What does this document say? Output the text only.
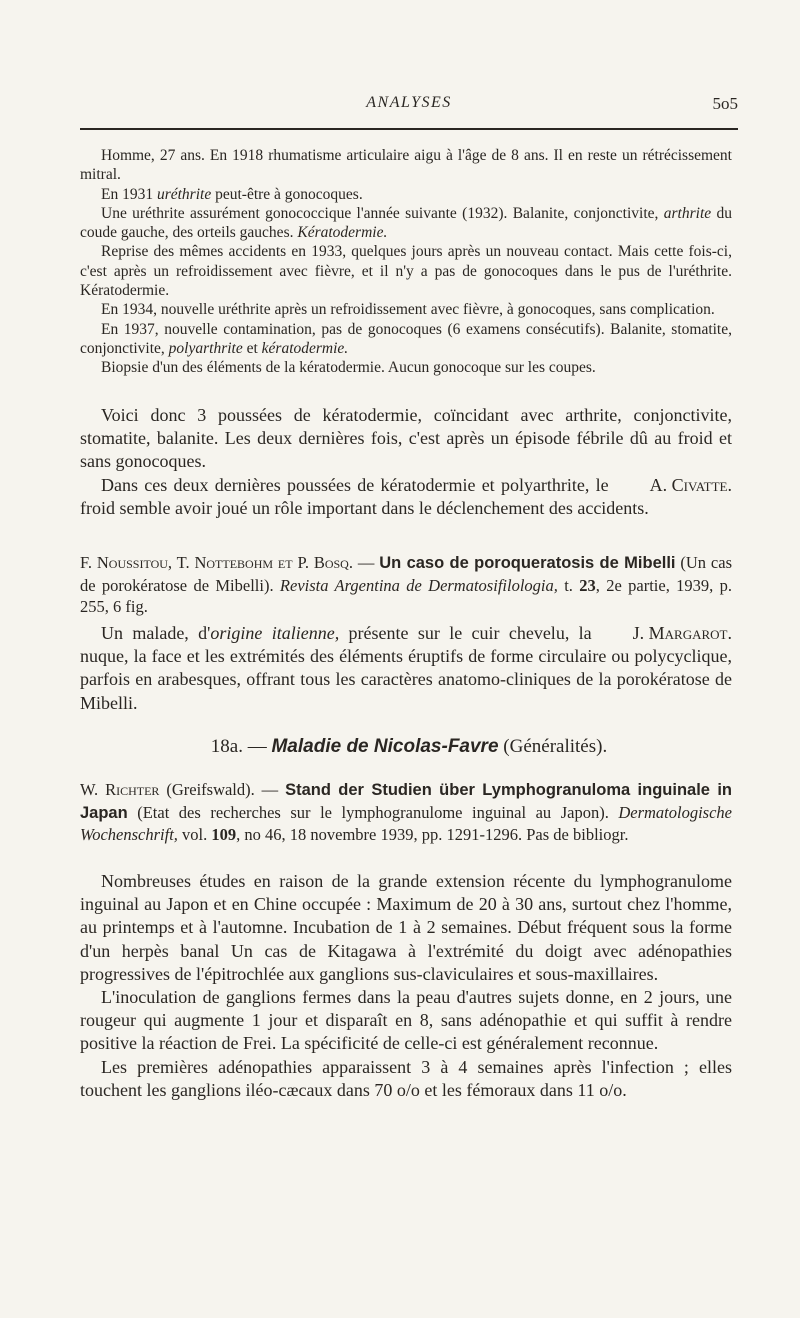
ANALYSES	5o5

Homme, 27 ans. En 1918 rhumatisme articulaire aigu à l'âge de 8 ans. Il en reste un rétrécissement mitral.

En 1931 uréthrite peut-être à gonocoques.

Une uréthrite assurément gonococcique l'année suivante (1932). Balanite, conjonctivite, arthrite du coude gauche, des orteils gauches. Kératodermie.

Reprise des mêmes accidents en 1933, quelques jours après un nouveau contact. Mais cette fois-ci, c'est après un refroidissement avec fièvre, et il n'y a pas de gonocoques dans le pus de l'uréthrite. Kératodermie.

En 1934, nouvelle uréthrite après un refroidissement avec fièvre, à gonocoques, sans complication.

En 1937, nouvelle contamination, pas de gonocoques (6 examens consécutifs). Balanite, stomatite, conjonctivite, polyarthrite et kératodermie.

Biopsie d'un des éléments de la kératodermie. Aucun gonocoque sur les coupes.

Voici donc 3 poussées de kératodermie, coïncidant avec arthrite, conjonctivite, stomatite, balanite. Les deux dernières fois, c'est après un épisode fébrile dû au froid et sans gonocoques.

A. Civatte.
Dans ces deux dernières poussées de kératodermie et polyarthrite, le froid semble avoir joué un rôle important dans le déclenchement des accidents.

F. Noussitou, T. Nottebohm et P. Bosq. — Un caso de poroqueratosis de Mibelli (Un cas de porokératose de Mibelli). Revista Argentina de Dermatosifilologia, t. 23, 2e partie, 1939, p. 255, 6 fig.

J. Margarot.
Un malade, d'origine italienne, présente sur le cuir chevelu, la nuque, la face et les extrémités des éléments éruptifs de forme circulaire ou polycyclique, parfois en arabesques, offrant tous les caractères anatomo-cliniques de la porokératose de Mibelli.

18a. — Maladie de Nicolas-Favre (Généralités).

W. Richter (Greifswald). — Stand der Studien über Lymphogranuloma inguinale in Japan (Etat des recherches sur le lymphogranulome inguinal au Japon). Dermatologische Wochenschrift, vol. 109, no 46, 18 novembre 1939, pp. 1291-1296. Pas de bibliogr.

Nombreuses études en raison de la grande extension récente du lymphogranulome inguinal au Japon et en Chine occupée : Maximum de 20 à 30 ans, surtout chez l'homme, au printemps et à l'automne. Incubation de 1 à 2 semaines. Début fréquent sous la forme d'un herpès banal Un cas de Kitagawa à l'extrémité du doigt avec adénopathies progressives de l'épitrochlée aux ganglions sus-claviculaires et sous-maxillaires.

L'inoculation de ganglions fermes dans la peau d'autres sujets donne, en 2 jours, une rougeur qui augmente 1 jour et disparaît en 8, sans adénopathie et qui suffit à rendre positive la réaction de Frei. La spécificité de celle-ci est généralement reconnue.

Les premières adénopathies apparaissent 3 à 4 semaines après l'infection ; elles touchent les ganglions iléo-cæcaux dans 70 o/o et les fémoraux dans 11 o/o.
